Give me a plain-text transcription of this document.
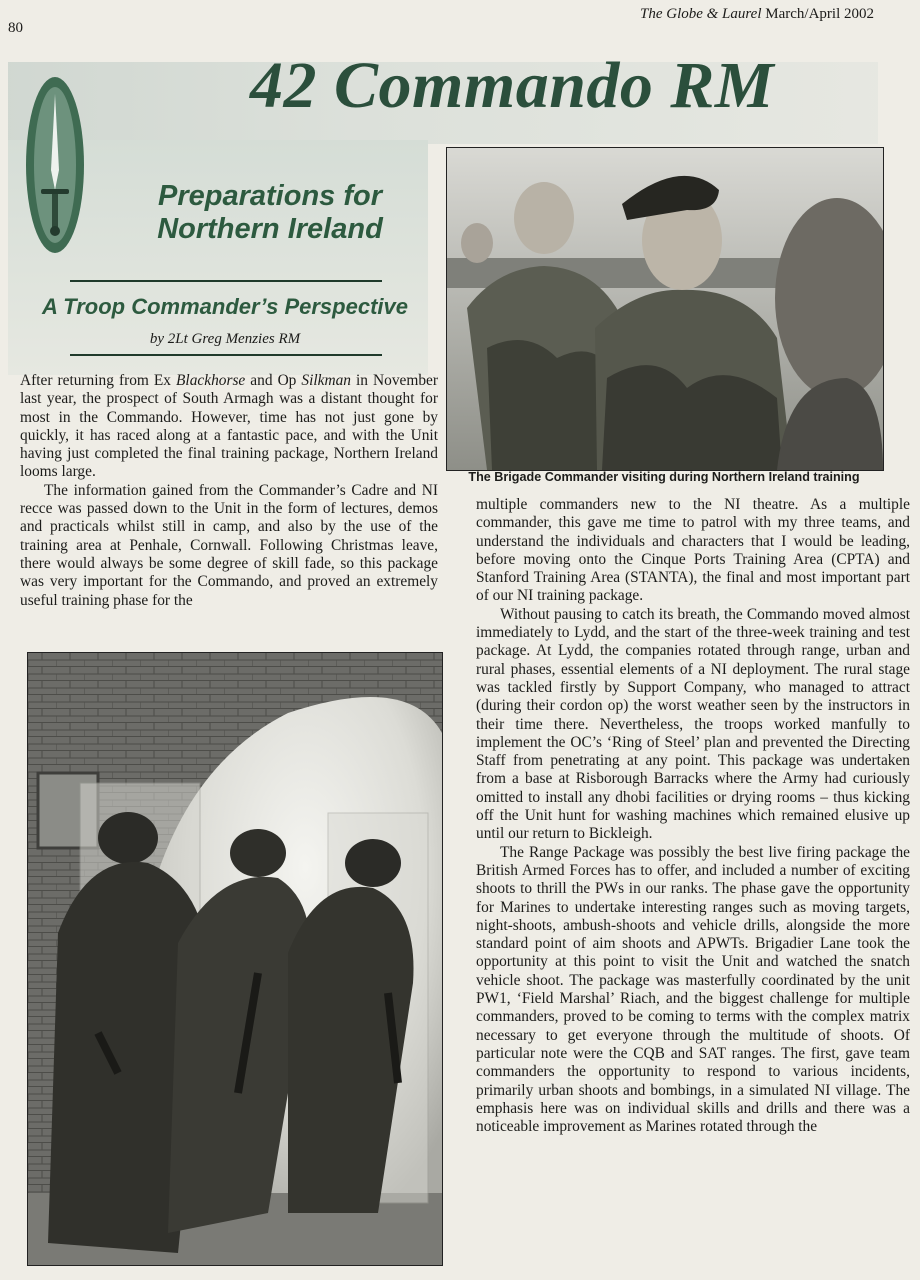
80
The Globe & Laurel March/April 2002
42 Commando RM
Preparations for
Northern Ireland
A Troop Commander’s Perspective
by 2Lt Greg Menzies RM

After returning from Ex Blackhorse and Op Silkman in November last year, the prospect of South Armagh was a distant thought for most in the Commando. However, time has not just gone by quickly, it has raced along at a fantastic pace, and with the Unit having just completed the final training package, Northern Ireland looms large.

The information gained from the Commander’s Cadre and NI recce was passed down to the Unit in the form of lectures, demos and practicals whilst still in camp, and also by the use of the training area at Penhale, Cornwall. Following Christmas leave, there would always be some degree of skill fade, so this package was very important for the Commando, and proved an extremely useful training phase for the

The Brigade Commander visiting during Northern Ireland training

multiple commanders new to the NI theatre. As a multiple commander, this gave me time to patrol with my three teams, and understand the individuals and characters that I would be leading, before moving onto the Cinque Ports Training Area (CPTA) and Stanford Training Area (STANTA), the final and most important part of our NI training package.

Without pausing to catch its breath, the Commando moved almost immediately to Lydd, and the start of the three-week training and test package. At Lydd, the companies rotated through range, urban and rural phases, essential elements of a NI deployment. The rural stage was tackled firstly by Support Company, who managed to attract (during their cordon op) the worst weather seen by the instructors in their time there. Nevertheless, the troops worked manfully to implement the OC’s ‘Ring of Steel’ plan and prevented the Directing Staff from penetrating at any point. This package was undertaken from a base at Risborough Barracks where the Army had curiously omitted to install any dhobi facilities or drying rooms – thus kicking off the Unit hunt for washing machines which remained elusive up until our return to Bickleigh.

The Range Package was possibly the best live firing package the British Armed Forces has to offer, and included a number of exciting shoots to thrill the PWs in our ranks. The phase gave the opportunity for Marines to undertake interesting ranges such as moving targets, night-shoots, ambush-shoots and vehicle drills, alongside the more standard point of aim shoots and APWTs. Brigadier Lane took the opportunity at this point to visit the Unit and watched the snatch vehicle shoot. The package was masterfully coordinated by the unit PW1, ‘Field Marshal’ Riach, and the biggest challenge for multiple commanders, proved to be coming to terms with the complex matrix necessary to get everyone through the multitude of shoots. Of particular note were the CQB and SAT ranges. The first, gave team commanders the opportunity to respond to various incidents, primarily urban shoots and bombings, in a simulated NI village. The emphasis here was on individual skills and drills and there was a noticeable improvement as Marines rotated through the
